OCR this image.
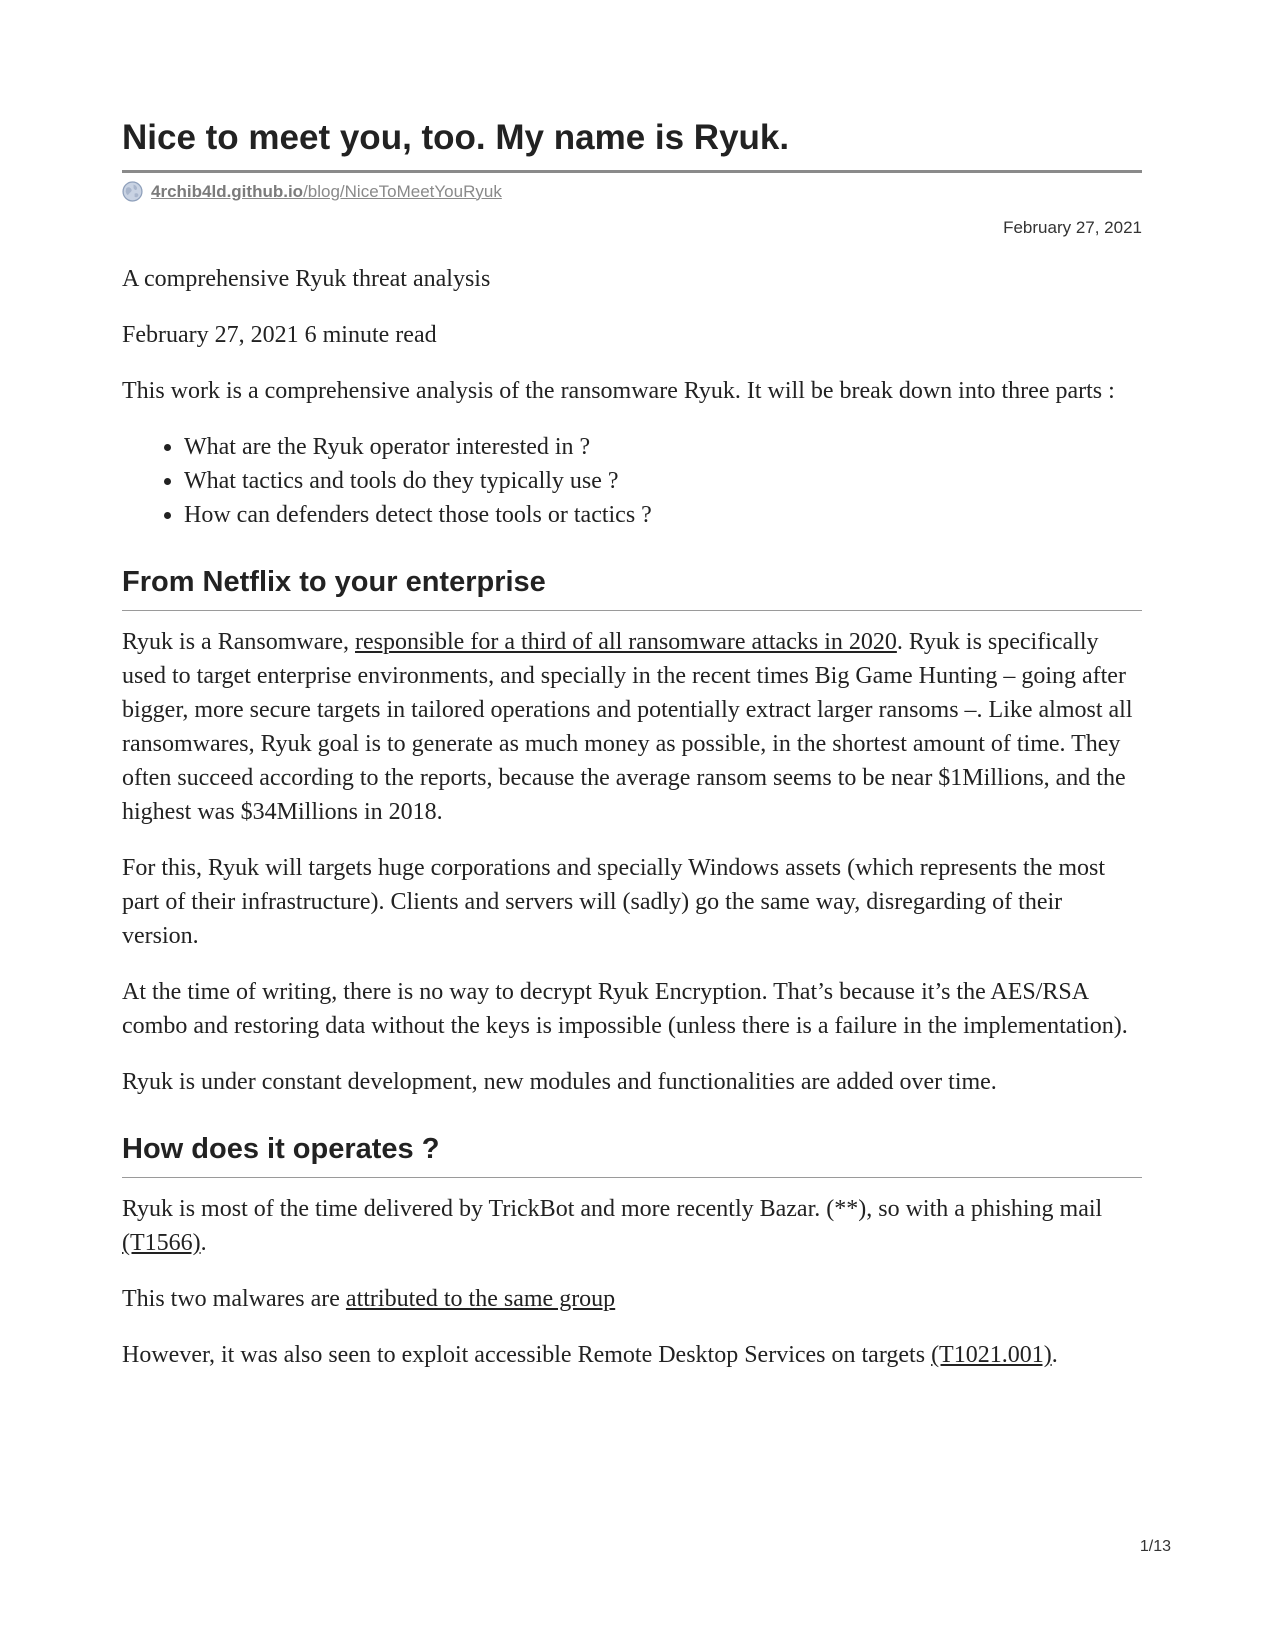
Nice to meet you, too. My name is Ryuk.
4rchib4ld.github.io/blog/NiceToMeetYouRyuk
February 27, 2021

A comprehensive Ryuk threat analysis

February 27, 2021 6 minute read

This work is a comprehensive analysis of the ransomware Ryuk. It will be break down into three parts :

• What are the Ryuk operator interested in ?
• What tactics and tools do they typically use ?
• How can defenders detect those tools or tactics ?
From Netflix to your enterprise

Ryuk is a Ransomware, responsible for a third of all ransomware attacks in 2020. Ryuk is specifically used to target enterprise environments, and specially in the recent times Big Game Hunting – going after bigger, more secure targets in tailored operations and potentially extract larger ransoms –. Like almost all ransomwares, Ryuk goal is to generate as much money as possible, in the shortest amount of time. They often succeed according to the reports, because the average ransom seems to be near $1Millions, and the highest was $34Millions in 2018.

For this, Ryuk will targets huge corporations and specially Windows assets (which represents the most part of their infrastructure). Clients and servers will (sadly) go the same way, disregarding of their version.

At the time of writing, there is no way to decrypt Ryuk Encryption. That’s because it’s the AES/RSA combo and restoring data without the keys is impossible (unless there is a failure in the implementation).

Ryuk is under constant development, new modules and functionalities are added over time.

How does it operates ?

Ryuk is most of the time delivered by TrickBot and more recently Bazar. (**), so with a phishing mail (T1566).

This two malwares are attributed to the same group

However, it was also seen to exploit accessible Remote Desktop Services on targets (T1021.001).

1/13
